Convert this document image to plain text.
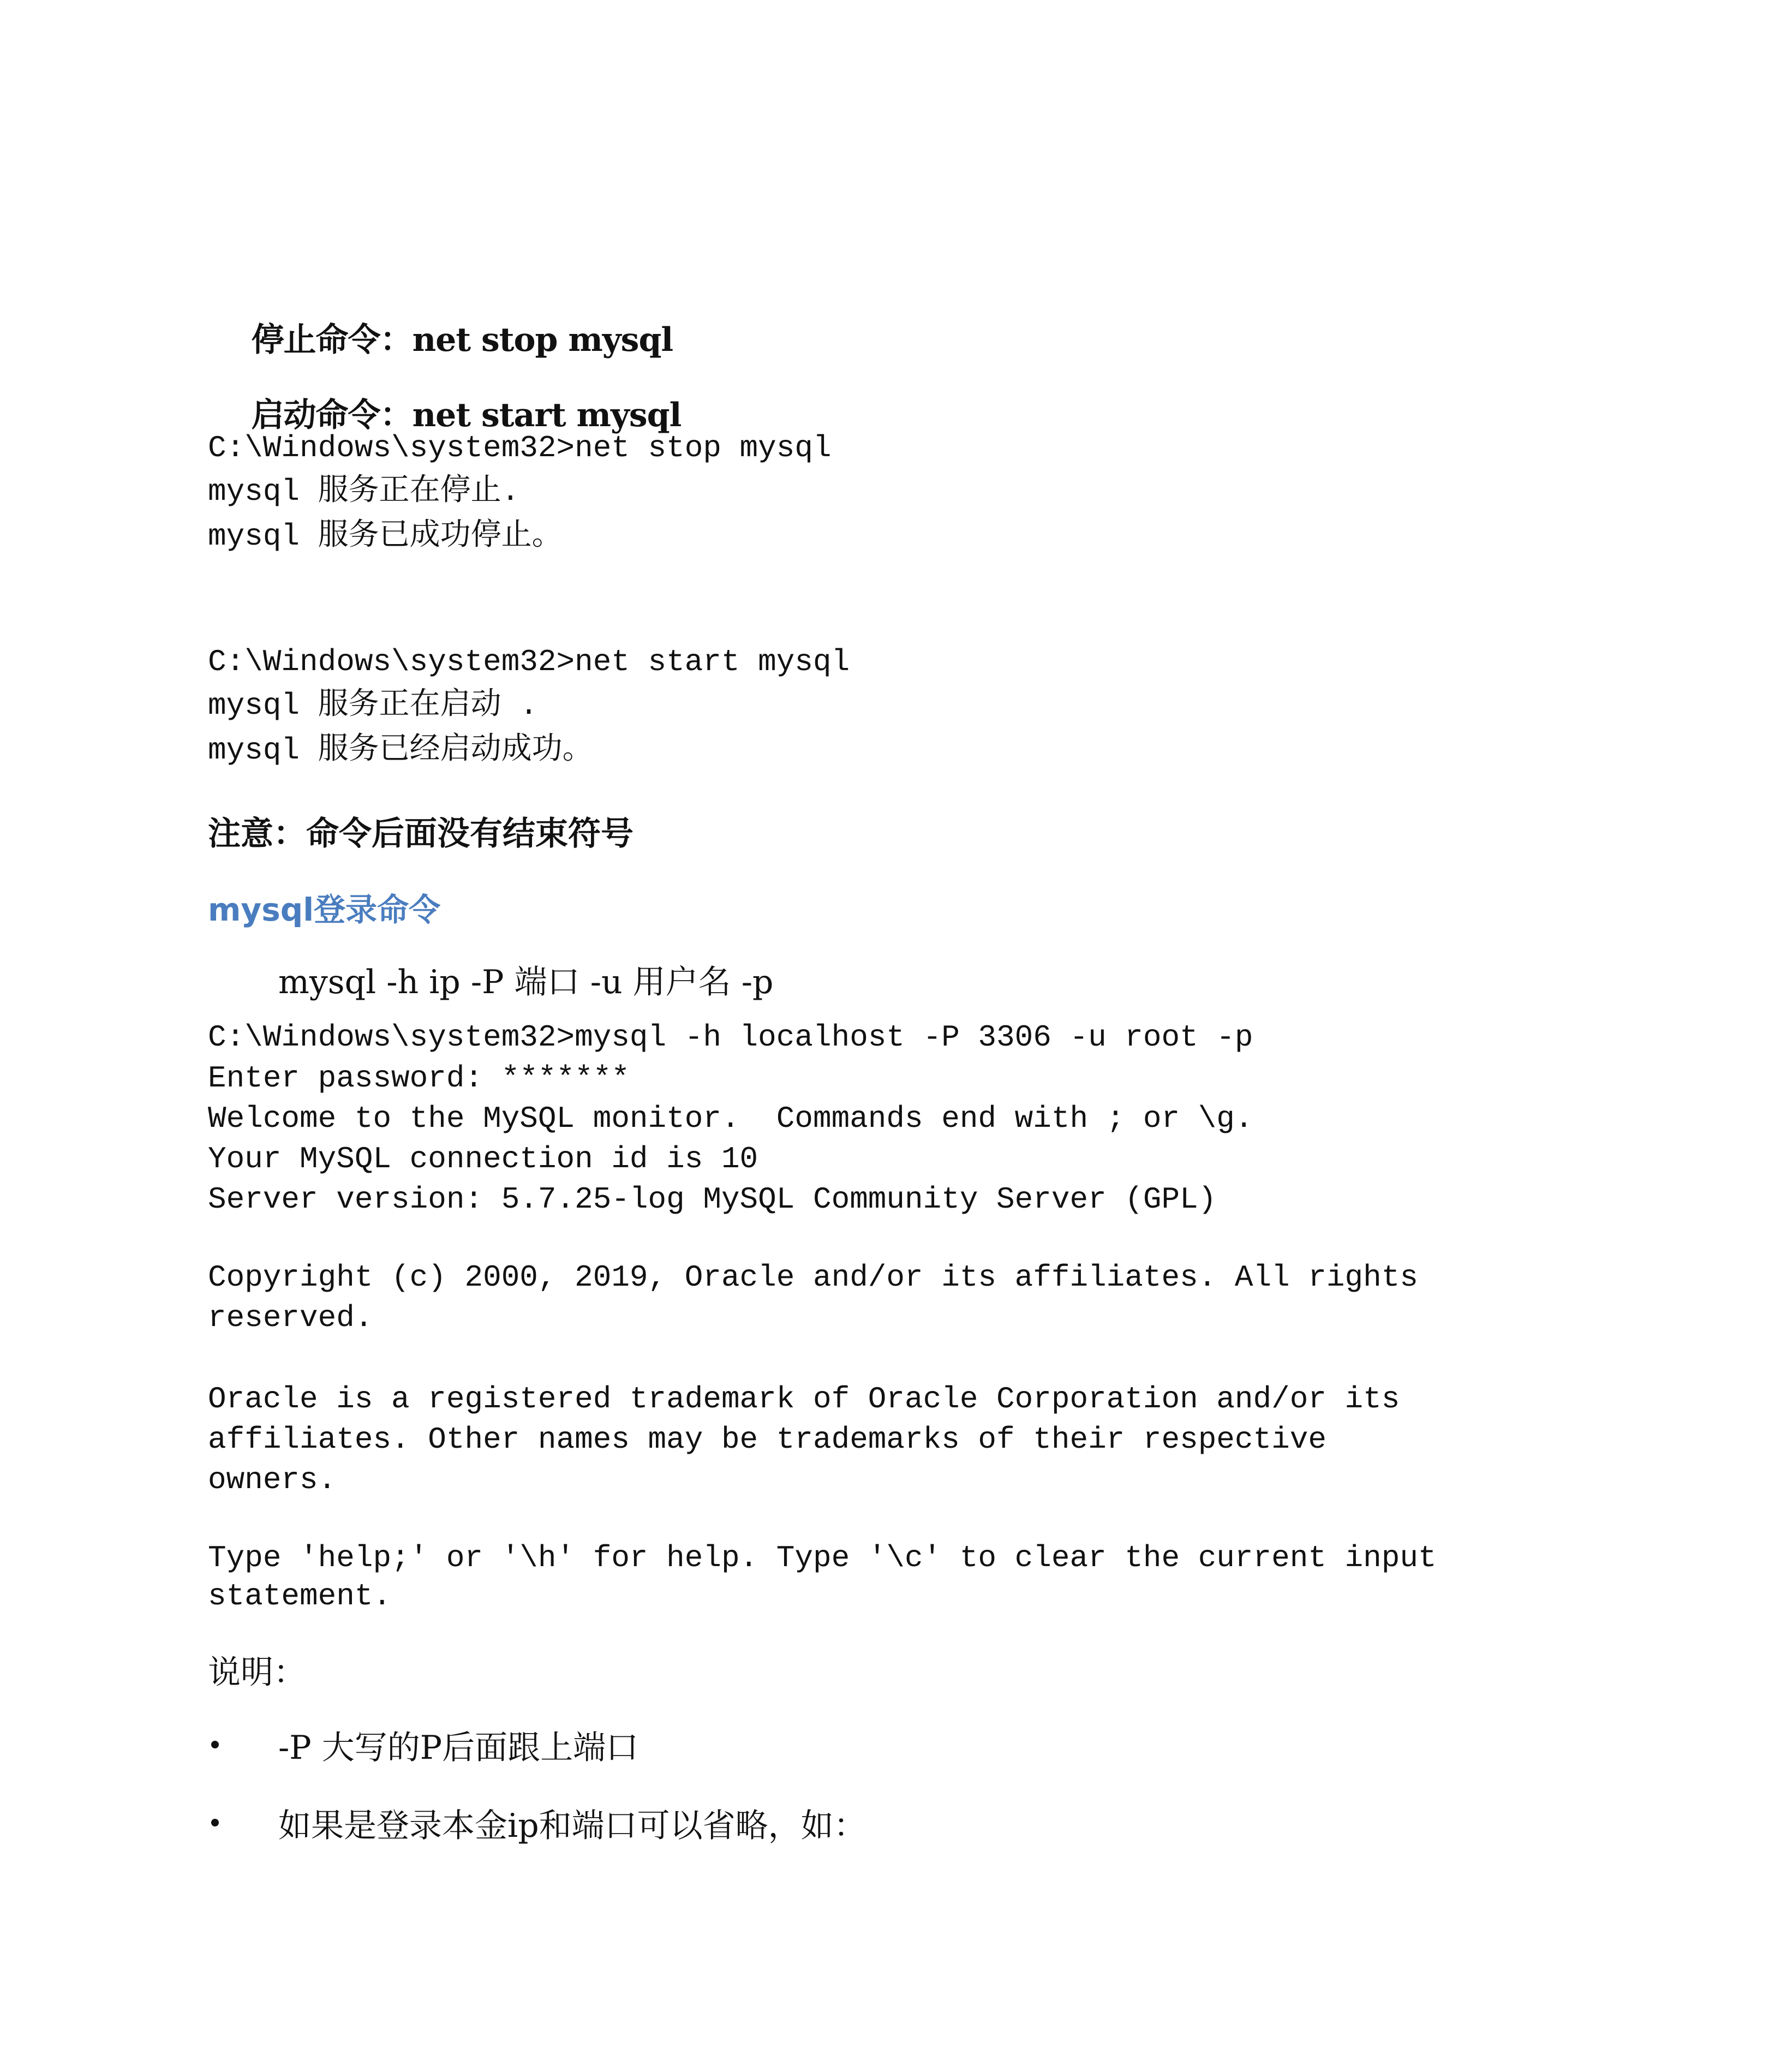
停止命令：net stop mysql

启动命令：net start mysql

C:\Windows\system32>net stop mysql
mysql 服务正在停止.
mysql 服务已成功停止。
C:\Windows\system32>net start mysql
mysql 服务正在启动 .
mysql 服务已经启动成功。
注意：命令后面没有结束符号
mysql登录命令
mysql -h ip -P 端口 -u 用户名 -p
C:\Windows\system32>mysql -h localhost -P 3306 -u root -p
Enter password: *******
Welcome to the MySQL monitor.  Commands end with ; or \g.
Your MySQL connection id is 10
Server version: 5.7.25-log MySQL Community Server (GPL)
Copyright (c) 2000, 2019, Oracle and/or its affiliates. All rights
reserved.
Oracle is a registered trademark of Oracle Corporation and/or its
affiliates. Other names may be trademarks of their respective
owners.
Type 'help;' or '\h' for help. Type '\c' to clear the current input
statement.
说明：
-P 大写的P后面跟上端口
如果是登录本金ip和端口可以省略，如：
